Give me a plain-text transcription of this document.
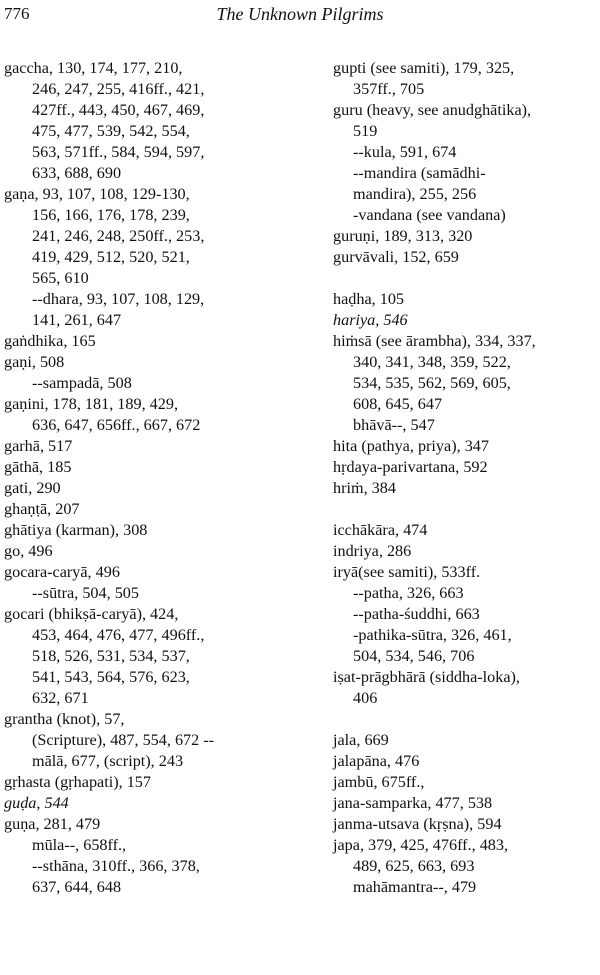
776	The Unknown Pilgrims
gaccha, 130, 174, 177, 210,
246, 247, 255, 416ff., 421,
427ff., 443, 450, 467, 469,
475, 477, 539, 542, 554,
563, 571ff., 584, 594, 597,
633, 688, 690
gaṇa, 93, 107, 108, 129-130,
156, 166, 176, 178, 239,
241, 246, 248, 250ff., 253,
419, 429, 512, 520, 521,
565, 610
--dhara, 93, 107, 108, 129,
141, 261, 647
gaṅdhika, 165
gaṇi, 508
--sampadā, 508
gaṇini, 178, 181, 189, 429,
636, 647, 656ff., 667, 672
garhā, 517
gāthā, 185
gati, 290
ghaṇṭā, 207
ghātiya (karman), 308
go, 496
gocara-caryā, 496
--sūtra, 504, 505
gocari (bhikṣā-caryā), 424,
453, 464, 476, 477, 496ff.,
518, 526, 531, 534, 537,
541, 543, 564, 576, 623,
632, 671
grantha (knot), 57,
(Scripture), 487, 554, 672 --
mālā, 677, (script), 243
gṛhasta (gṛhapati), 157
guḍa, 544
guṇa, 281, 479
mūla--, 658ff.,
--sthāna, 310ff., 366, 378,
637, 644, 648
gupti (see samiti), 179, 325,
357ff., 705
guru (heavy, see anudghātika),
519
--kula, 591, 674
--mandira (samādhi-
mandira), 255, 256
-vandana (see vandana)
guruṇi, 189, 313, 320
gurvāvali, 152, 659
haḍha, 105
hariya, 546
hiṁsā (see ārambha), 334, 337,
340, 341, 348, 359, 522,
534, 535, 562, 569, 605,
608, 645, 647
bhāvā--, 547
hita (pathya, priya), 347
hṛdaya-parivartana, 592
hriṁ, 384
icchākāra, 474
indriya, 286
iryā(see samiti), 533ff.
--patha, 326, 663
--patha-śuddhi, 663
-pathika-sūtra, 326, 461,
504, 534, 546, 706
iṣat-prāgbhārā (siddha-loka),
406
jala, 669
jalapāna, 476
jambū, 675ff.,
jana-samparka, 477, 538
janma-utsava (kṛṣna), 594
japa, 379, 425, 476ff., 483,
489, 625, 663, 693
mahāmantra--, 479
